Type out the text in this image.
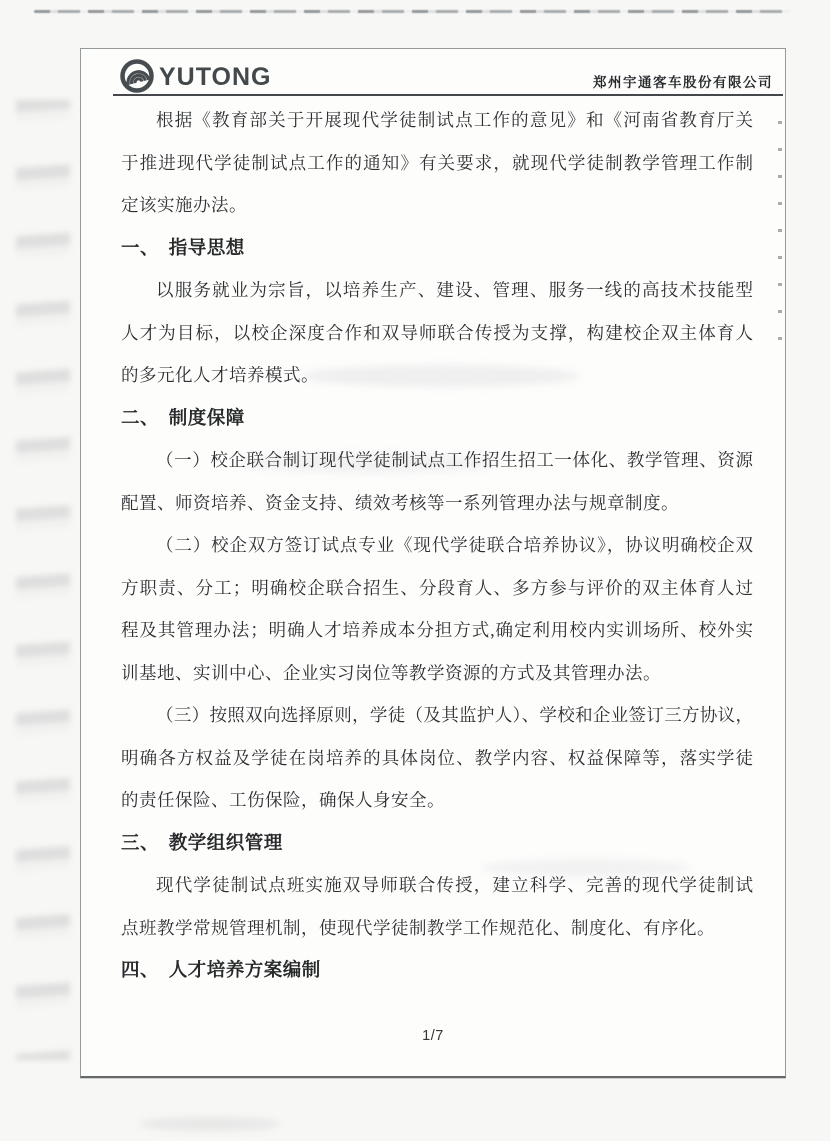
YUTONG	郑州宇通客车股份有限公司
根据《教育部关于开展现代学徒制试点工作的意见》和《河南省教育厅关
于推进现代学徒制试点工作的通知》有关要求，就现代学徒制教学管理工作制
定该实施办法。
一、　指导思想
以服务就业为宗旨，以培养生产、建设、管理、服务一线的高技术技能型
人才为目标，以校企深度合作和双导师联合传授为支撑，构建校企双主体育人
的多元化人才培养模式。
二、　制度保障
（一）校企联合制订现代学徒制试点工作招生招工一体化、教学管理、资源
配置、师资培养、资金支持、绩效考核等一系列管理办法与规章制度。
（二）校企双方签订试点专业《现代学徒联合培养协议》，协议明确校企双
方职责、分工；明确校企联合招生、分段育人、多方参与评价的双主体育人过
程及其管理办法；明确人才培养成本分担方式,确定利用校内实训场所、校外实
训基地、实训中心、企业实习岗位等教学资源的方式及其管理办法。
（三）按照双向选择原则，学徒（及其监护人）、学校和企业签订三方协议，
明确各方权益及学徒在岗培养的具体岗位、教学内容、权益保障等，落实学徒
的责任保险、工伤保险，确保人身安全。
三、　教学组织管理
现代学徒制试点班实施双导师联合传授，建立科学、完善的现代学徒制试
点班教学常规管理机制，使现代学徒制教学工作规范化、制度化、有序化。
四、　人才培养方案编制
1/7
